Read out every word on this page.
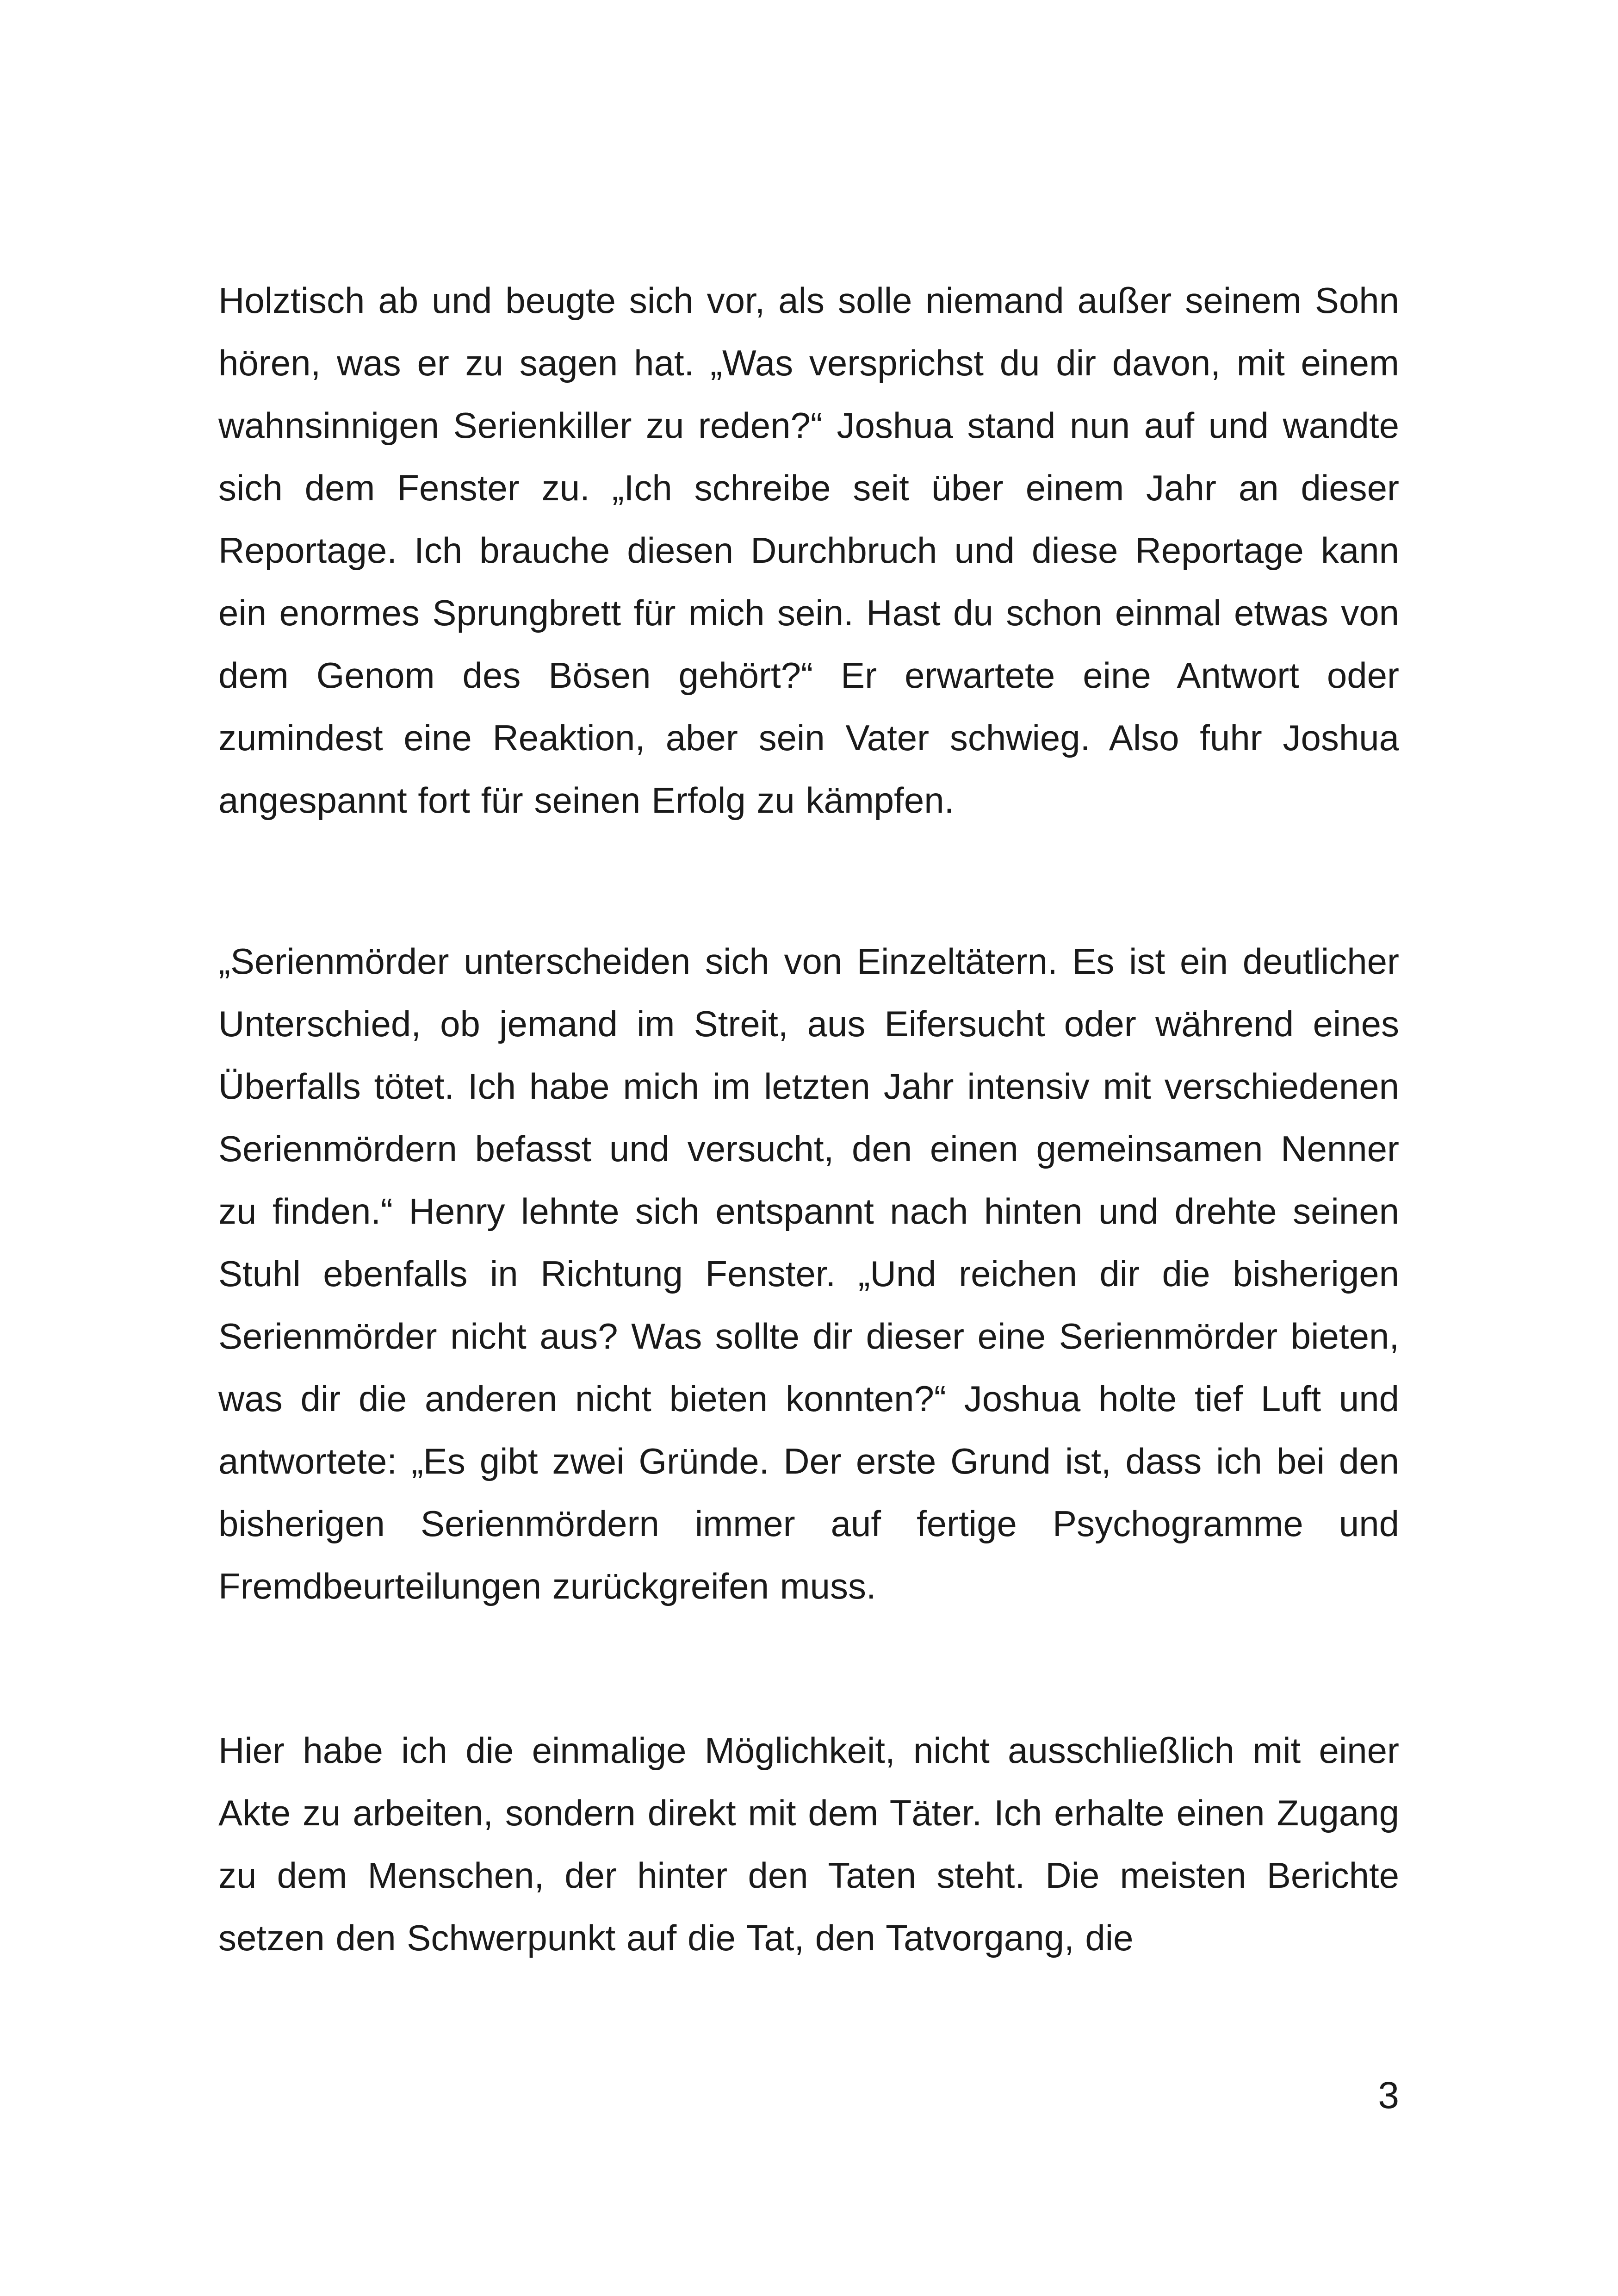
Holztisch ab und beugte sich vor, als solle niemand außer seinem Sohn hören, was er zu sagen hat. „Was versprichst du dir davon, mit einem wahnsinnigen Serienkiller zu reden?“ Joshua stand nun auf und wandte sich dem Fenster zu. „Ich schreibe seit über einem Jahr an dieser Reportage. Ich brauche diesen Durchbruch und diese Reportage kann ein enormes Sprungbrett für mich sein. Hast du schon einmal etwas von dem Genom des Bösen gehört?“ Er erwartete eine Antwort oder zumindest eine Reaktion, aber sein Vater schwieg. Also fuhr Joshua angespannt fort für seinen Erfolg zu kämpfen.

„Serienmörder unterscheiden sich von Einzeltätern. Es ist ein deutlicher Unterschied, ob jemand im Streit, aus Eifersucht oder während eines Überfalls tötet. Ich habe mich im letzten Jahr intensiv mit verschiedenen Serienmördern befasst und versucht, den einen gemeinsamen Nenner zu finden.“ Henry lehnte sich entspannt nach hinten und drehte seinen Stuhl ebenfalls in Richtung Fenster. „Und reichen dir die bisherigen Serienmörder nicht aus? Was sollte dir dieser eine Serienmörder bieten, was dir die anderen nicht bieten konnten?“ Joshua holte tief Luft und antwortete: „Es gibt zwei Gründe. Der erste Grund ist, dass ich bei den bisherigen Serienmördern immer auf fertige Psychogramme und Fremdbeurteilungen zurückgreifen muss.

Hier habe ich die einmalige Möglichkeit, nicht ausschließlich mit einer Akte zu arbeiten, sondern direkt mit dem Täter. Ich erhalte einen Zugang zu dem Menschen, der hinter den Taten steht. Die meisten Berichte setzen den Schwerpunkt auf die Tat, den Tatvorgang, die

3
